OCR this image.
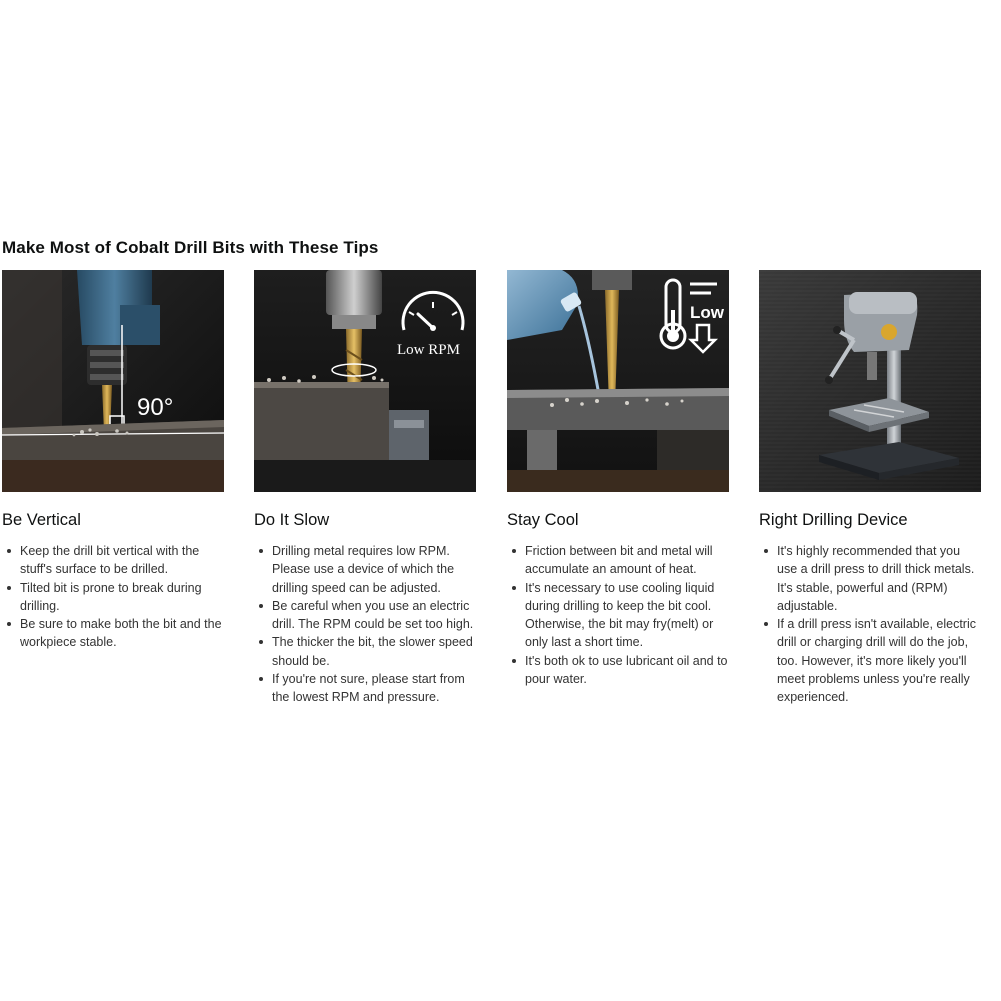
Make Most of Cobalt Drill Bits with These Tips
90°
Be Vertical
Keep the drill bit vertical with the stuff's surface to be drilled.
Tilted bit is prone to break during drilling.
Be sure to make both the bit and the workpiece stable.
Low RPM
Do It Slow
Drilling metal requires low RPM. Please use a device of which the drilling speed can be adjusted.
Be careful when you use an electric drill. The RPM could be set too high.
The thicker the bit, the slower speed should be.
If you're not sure, please start from the lowest RPM and pressure.
Low
Stay Cool
Friction between bit and metal will accumulate an amount of heat.
It's necessary to use cooling liquid during drilling to keep the bit cool. Otherwise, the bit may fry(melt) or only last a short time.
It's both ok to use lubricant oil and to pour water.
Right Drilling Device
It's highly recommended that you use a drill press to drill thick metals. It's stable, powerful and (RPM) adjustable.
If a drill press isn't available, electric drill or charging drill will do the job, too. However, it's more likely you'll meet problems unless you're really experienced.
